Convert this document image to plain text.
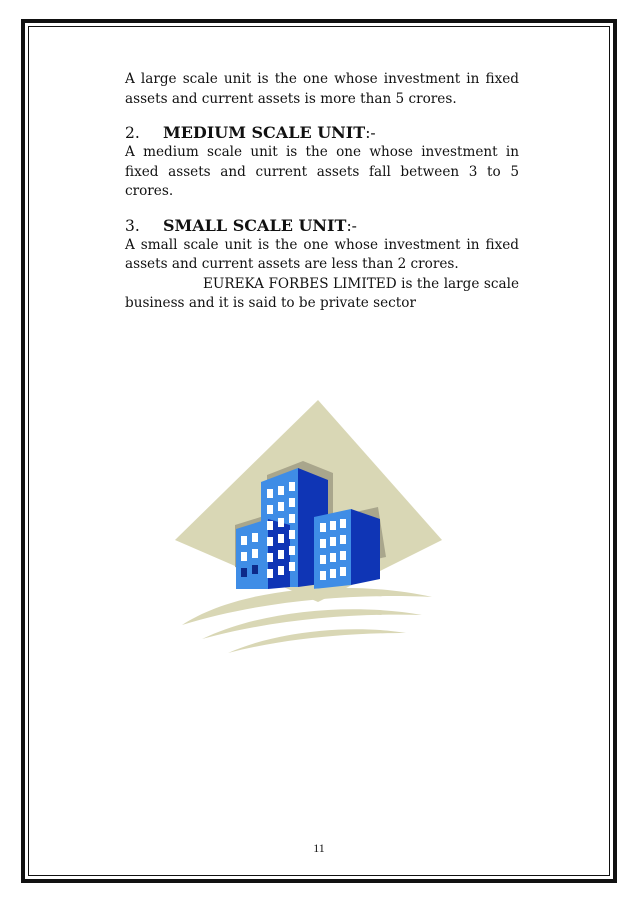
A large scale unit is the one whose investment in fixed assets and current assets is more than 5 crores.

2. MEDIUM SCALE UNIT:-

A medium scale unit is the one whose investment in fixed assets and current assets fall between 3 to 5 crores.

3. SMALL SCALE UNIT:-

A small scale unit is the one whose investment in fixed assets and current assets are less than 2 crores.

EUREKA FORBES LIMITED is the large scale business and it is said to be private sector

11
